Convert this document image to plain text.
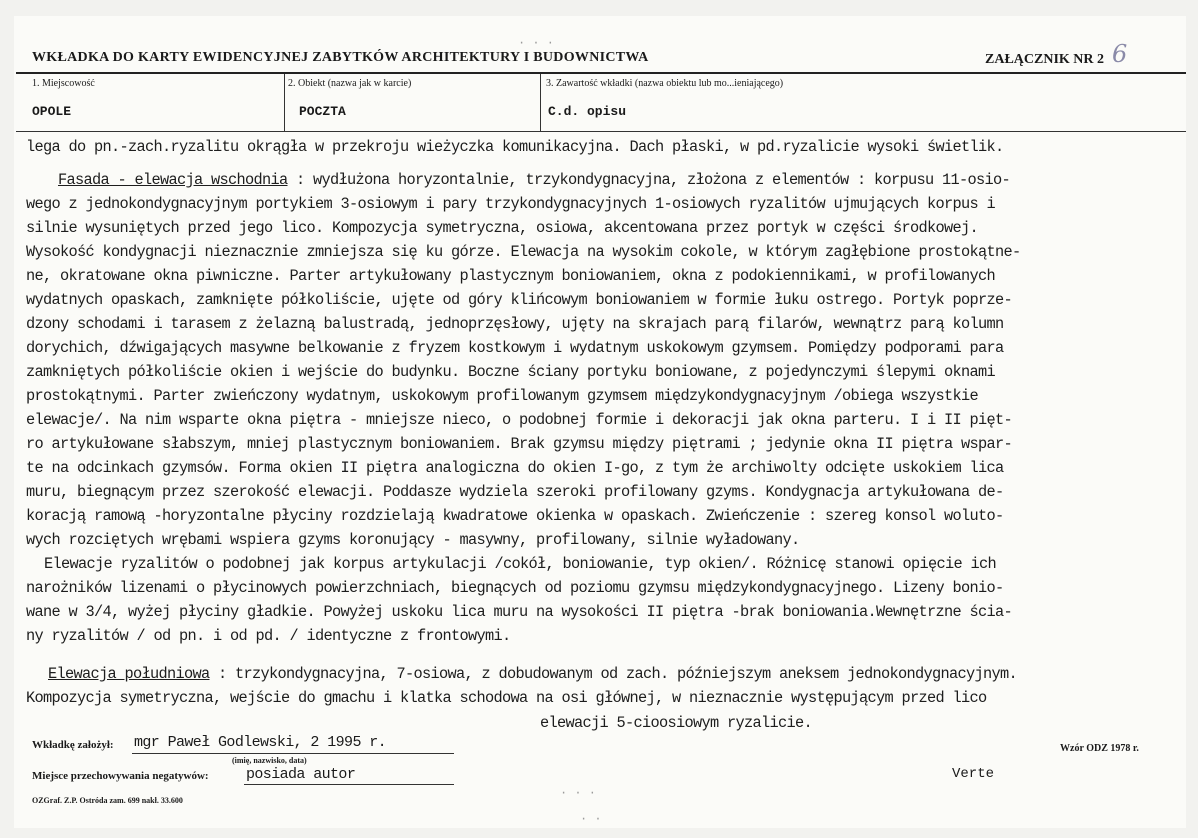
WKŁADKA DO KARTY EWIDENCYJNEJ ZABYTKÓW ARCHITEKTURY I BUDOWNICTWA	ZAŁĄCZNIK NR 2 6
· · ·
1. Miejscowość
OPOLE
2. Obiekt (nazwa jak w karcie)
POCZTA
3. Zawartość wkładki (nazwa obiektu lub mo...ieniającego)
C.d. opisu
lega do pn.-zach.ryzalitu okrągła w przekroju wieżyczka komunikacyjna. Dach płaski, w pd.ryzalicie wysoki świetlik.
Fasada - elewacja wschodnia : wydłużona horyzontalnie, trzykondygnacyjna, złożona z elementów : korpusu 11-osio-
wego z jednokondygnacyjnym portykiem 3-osiowym i pary trzykondygnacyjnych 1-osiowych ryzalitów ujmujących korpus i
silnie wysuniętych przed jego lico. Kompozycja symetryczna, osiowa, akcentowana przez portyk w części środkowej.
Wysokość kondygnacji nieznacznie zmniejsza się ku górze. Elewacja na wysokim cokole, w którym zagłębione prostokątne-
ne, okratowane okna piwniczne. Parter artykułowany plastycznym boniowaniem, okna z podokiennikami, w profilowanych
wydatnych opaskach, zamknięte półkoliście, ujęte od góry klińcowym boniowaniem w formie łuku ostrego. Portyk poprze-
dzony schodami i tarasem z żelazną balustradą, jednoprzęsłowy, ujęty na skrajach parą filarów, wewnątrz parą kolumn
dorychich, dźwigających masywne belkowanie z fryzem kostkowym i wydatnym uskokowym gzymsem. Pomiędzy podporami para
zamkniętych półkoliście okien i wejście do budynku. Boczne ściany portyku boniowane, z pojedynczymi ślepymi oknami
prostokątnymi. Parter zwieńczony wydatnym, uskokowym profilowanym gzymsem międzykondygnacyjnym /obiega wszystkie
elewacje/. Na nim wsparte okna piętra - mniejsze nieco, o podobnej formie i dekoracji jak okna parteru. I i II pięt-
ro artykułowane słabszym, mniej plastycznym boniowaniem. Brak gzymsu między piętrami ; jedynie okna II piętra wspar-
te na odcinkach gzymsów. Forma okien II piętra analogiczna do okien I-go, z tym że archiwolty odcięte uskokiem lica
muru, biegnącym przez szerokość elewacji. Poddasze wydziela szeroki profilowany gzyms. Kondygnacja artykułowana de-
koracją ramową -horyzontalne płyciny rozdzielają kwadratowe okienka w opaskach. Zwieńczenie : szereg konsol woluto-
wych rozciętych wrębami wspiera gzyms koronujący - masywny, profilowany, silnie wyładowany.
Elewacje ryzalitów o podobnej jak korpus artykulacji /cokół, boniowanie, typ okien/. Różnicę stanowi opięcie ich
narożników lizenami o płycinowych powierzchniach, biegnących od poziomu gzymsu międzykondygnacyjnego. Lizeny bonio-
wane w 3/4, wyżej płyciny gładkie. Powyżej uskoku lica muru na wysokości II piętra -brak boniowania.Wewnętrzne ścia-
ny ryzalitów / od pn. i od pd. / identyczne z frontowymi.
Elewacja południowa : trzykondygnacyjna, 7-osiowa, z dobudowanym od zach. późniejszym aneksem jednokondygnacyjnym.
Kompozycja symetryczna, wejście do gmachu i klatka schodowa na osi głównej, w nieznacznie występującym przed lico
elewacji 5-cioosiowym ryzalicie.
Wkładkę założył: mgr Paweł Godlewski, 2 1995 r.
(imię, nazwisko, data)
Miejsce przechowywania negatywów: posiada autor
Wzór ODZ 1978 r.
Verte
OZGraf. Z.P. Ostróda zam. 699 nakł. 33.600
· · ·
· ·
